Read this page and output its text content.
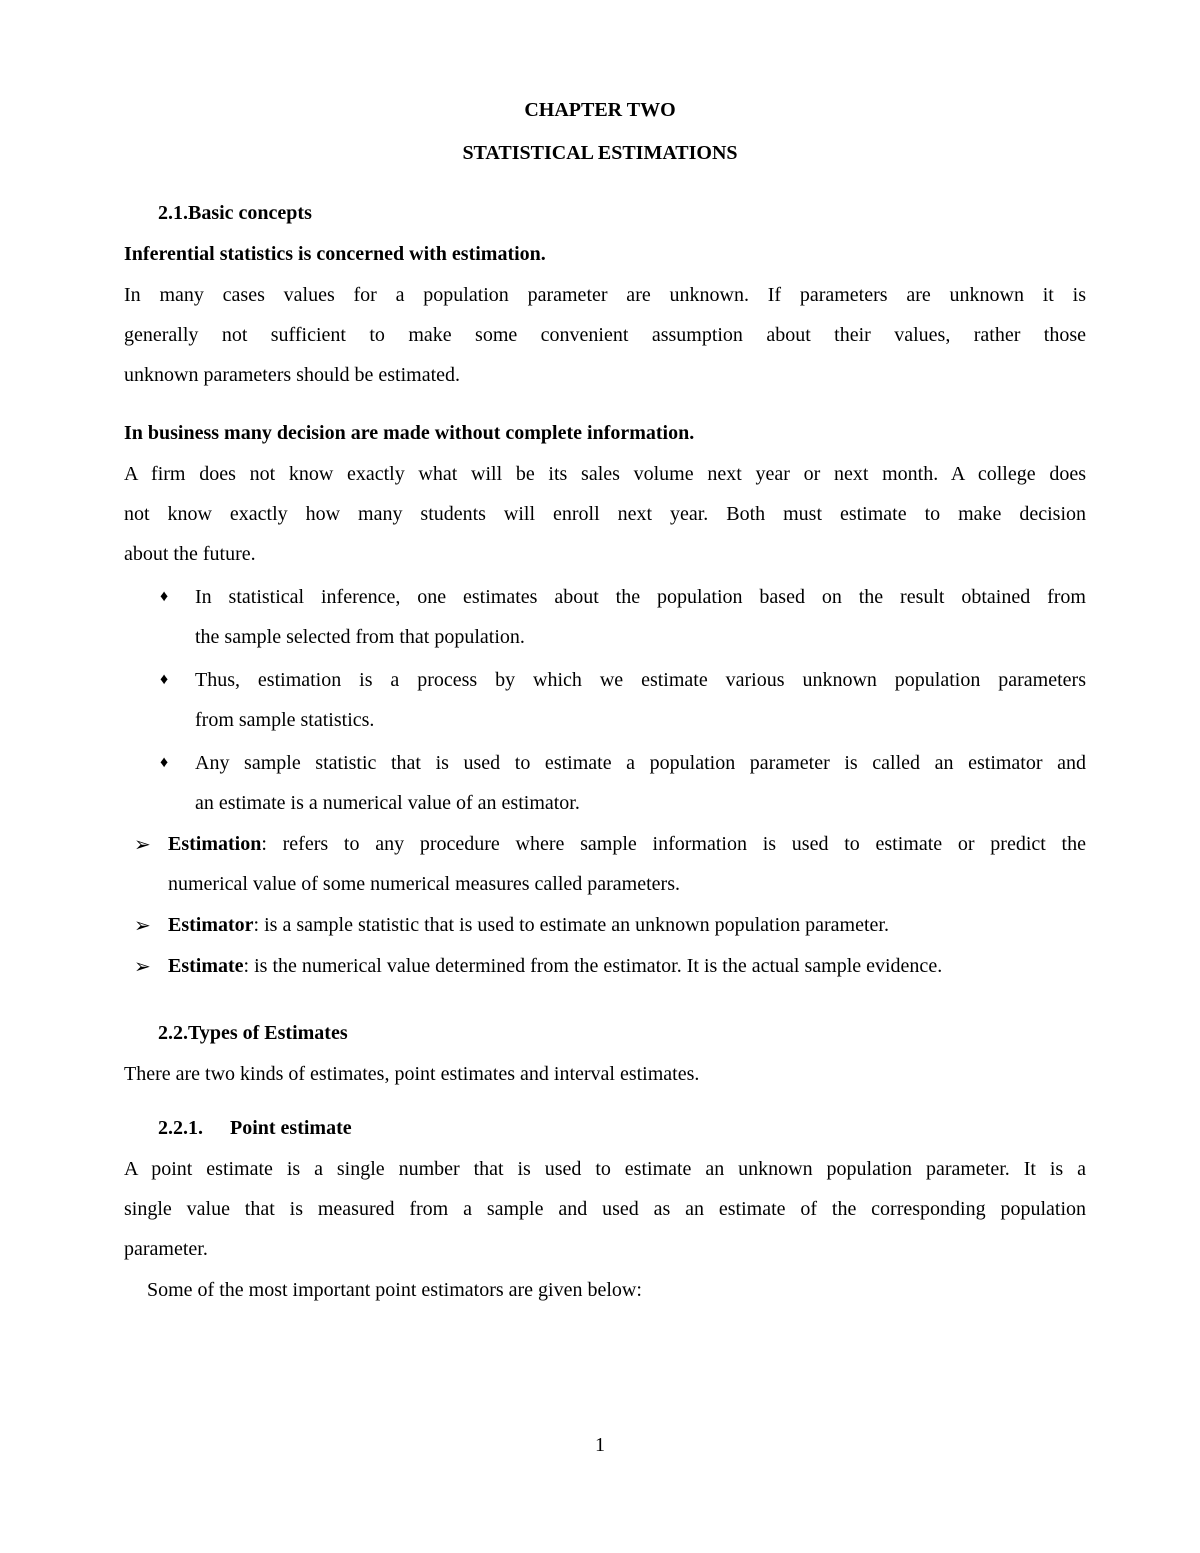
CHAPTER TWO
STATISTICAL ESTIMATIONS
2.1.Basic concepts
Inferential statistics is concerned with estimation.
In many cases values for a population parameter are unknown. If parameters are unknown it is
generally not sufficient to make some convenient assumption about their values, rather those
unknown parameters should be estimated.
In business many decision are made without complete information.
A firm does not know exactly what will be its sales volume next year or next month. A college does
not know exactly how many students will enroll next year. Both must estimate to make decision
about the future.
♦ In statistical inference, one estimates about the population based on the result obtained from
the sample selected from that population.
♦ Thus, estimation is a process by which we estimate various unknown population parameters
from sample statistics.
♦ Any sample statistic that is used to estimate a population parameter is called an estimator and
an estimate is a numerical value of an estimator.
➢ Estimation : refers to any procedure where sample information is used to estimate or predict the
numerical value of some numerical measures called parameters.
➢ Estimator: is a sample statistic that is used to estimate an unknown population parameter.
➢ Estimate: is the numerical value determined from the estimator. It is the actual sample evidence.
2.2.Types of Estimates
There are two kinds of estimates, point estimates and interval estimates.
2.2.1. Point estimate
A point estimate is a single number that is used to estimate an unknown population parameter. It is a
single value that is measured from a sample and used as an estimate of the corresponding population
parameter.
Some of the most important point estimators are given below:
1
